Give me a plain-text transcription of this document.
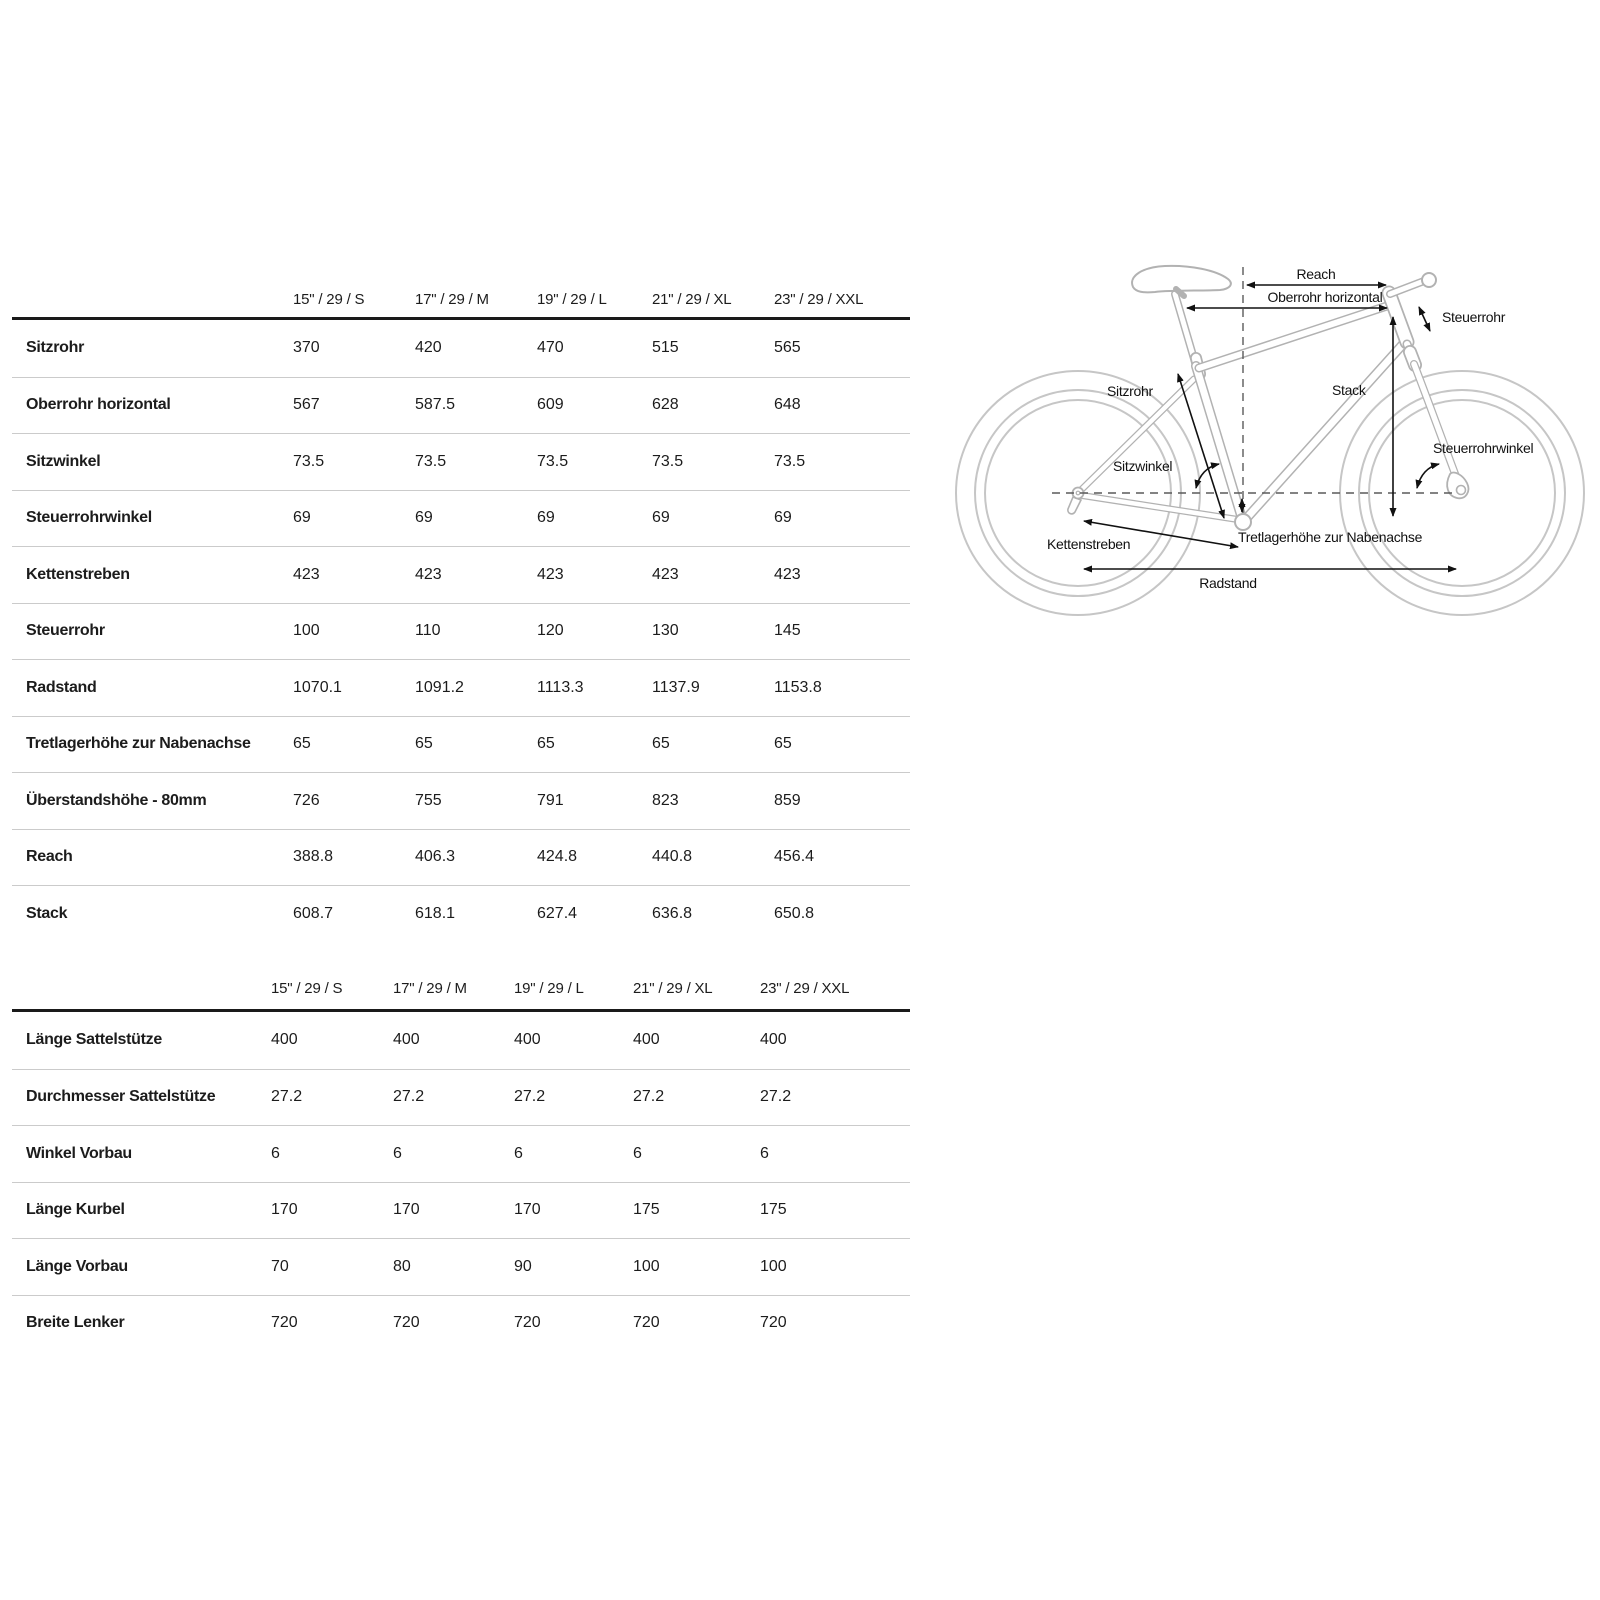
15" / 29 / S	17" / 29 / M	19" / 29 / L	21" / 29 / XL	23" / 29 / XXL
Sitzrohr	370	420	470	515	565
Oberrohr horizontal	567	587.5	609	628	648
Sitzwinkel	73.5	73.5	73.5	73.5	73.5
Steuerrohrwinkel	69	69	69	69	69
Kettenstreben	423	423	423	423	423
Steuerrohr	100	110	120	130	145
Radstand	1070.1	1091.2	1113.3	1137.9	1153.8
Tretlagerhöhe zur Nabenachse	65	65	65	65	65
Überstandshöhe - 80mm	726	755	791	823	859
Reach	388.8	406.3	424.8	440.8	456.4
Stack	608.7	618.1	627.4	636.8	650.8
15" / 29 / S	17" / 29 / M	19" / 29 / L	21" / 29 / XL	23" / 29 / XXL
Länge Sattelstütze	400	400	400	400	400
Durchmesser Sattelstütze	27.2	27.2	27.2	27.2	27.2
Winkel Vorbau	6	6	6	6	6
Länge Kurbel	170	170	170	175	175
Länge Vorbau	70	80	90	100	100
Breite Lenker	720	720	720	720	720
Reach
Oberrohr horizontal
Steuerrohr
Sitzrohr	Stack
Sitzwinkel
Steuerrohrwinkel
Tretlagerhöhe zur Nabenachse
Kettenstreben
Radstand
